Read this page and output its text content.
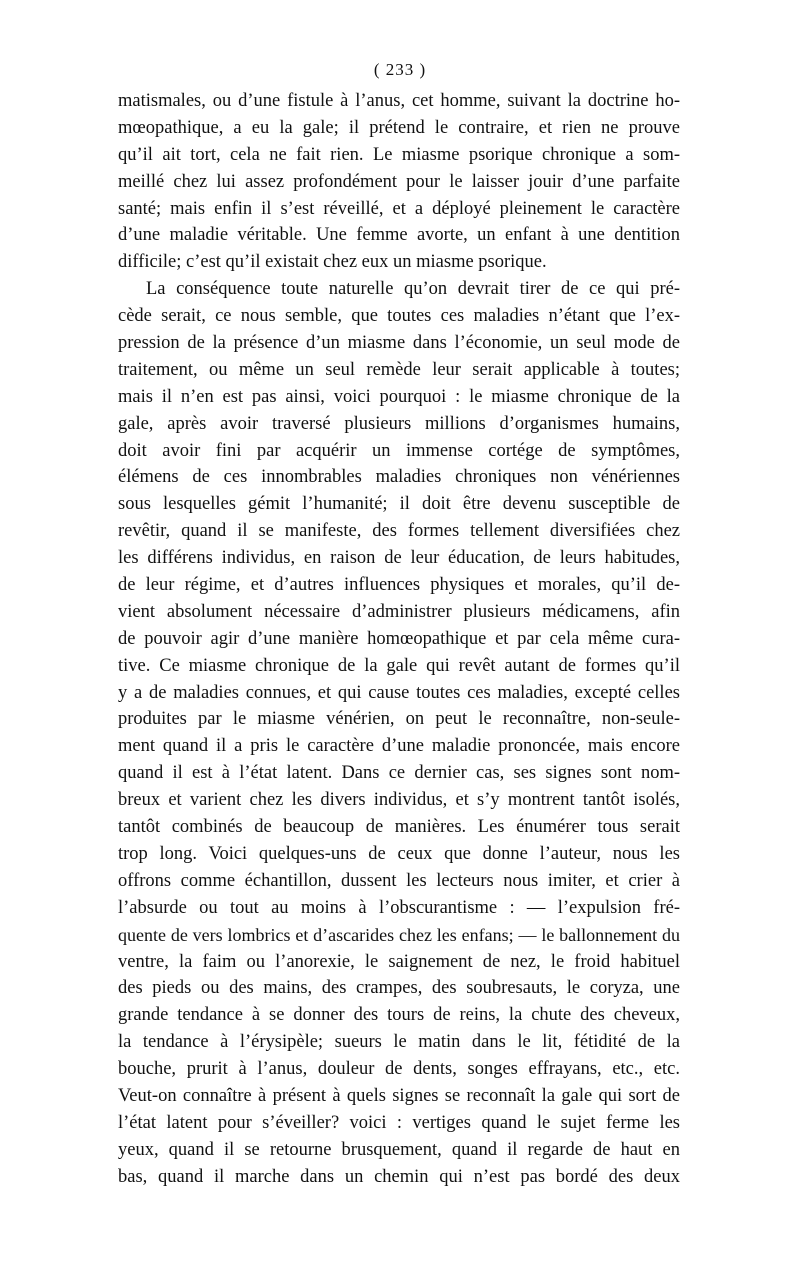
( 233 )
matismales, ou d’une fistule à l’anus, cet homme, suivant la doctrine ho-
mœopathique, a eu la gale; il prétend le contraire, et rien ne prouve
qu’il ait tort, cela ne fait rien. Le miasme psorique chronique a som-
meillé chez lui assez profondément pour le laisser jouir d’une parfaite
santé; mais enfin il s’est réveillé, et a déployé pleinement le caractère
d’une maladie véritable. Une femme avorte, un enfant à une dentition
difficile; c’est qu’il existait chez eux un miasme psorique.
La conséquence toute naturelle qu’on devrait tirer de ce qui pré-
cède serait, ce nous semble, que toutes ces maladies n’étant que l’ex-
pression de la présence d’un miasme dans l’économie, un seul mode de
traitement, ou même un seul remède leur serait applicable à toutes;
mais il n’en est pas ainsi, voici pourquoi : le miasme chronique de la
gale, après avoir traversé plusieurs millions d’organismes humains,
doit avoir fini par acquérir un immense cortége de symptômes,
élémens de ces innombrables maladies chroniques non vénériennes
sous lesquelles gémit l’humanité; il doit être devenu susceptible de
revêtir, quand il se manifeste, des formes tellement diversifiées chez
les différens individus, en raison de leur éducation, de leurs habitudes,
de leur régime, et d’autres influences physiques et morales, qu’il de-
vient absolument nécessaire d’administrer plusieurs médicamens, afin
de pouvoir agir d’une manière homœopathique et par cela même cura-
tive. Ce miasme chronique de la gale qui revêt autant de formes qu’il
y a de maladies connues, et qui cause toutes ces maladies, excepté celles
produites par le miasme vénérien, on peut le reconnaître, non-seule-
ment quand il a pris le caractère d’une maladie prononcée, mais encore
quand il est à l’état latent. Dans ce dernier cas, ses signes sont nom-
breux et varient chez les divers individus, et s’y montrent tantôt isolés,
tantôt combinés de beaucoup de manières. Les énumérer tous serait
trop long. Voici quelques-uns de ceux que donne l’auteur, nous les
offrons comme échantillon, dussent les lecteurs nous imiter, et crier à
l’absurde ou tout au moins à l’obscurantisme : — l’expulsion fré-
quente de vers lombrics et d’ascarides chez les enfans; — le ballonnement du
ventre, la faim ou l’anorexie, le saignement de nez, le froid habituel
des pieds ou des mains, des crampes, des soubresauts, le coryza, une
grande tendance à se donner des tours de reins, la chute des cheveux,
la tendance à l’érysipèle; sueurs le matin dans le lit, fétidité de la
bouche, prurit à l’anus, douleur de dents, songes effrayans, etc., etc.
Veut-on connaître à présent à quels signes se reconnaît la gale qui sort de
l’état latent pour s’éveiller? voici : vertiges quand le sujet ferme les
yeux, quand il se retourne brusquement, quand il regarde de haut en
bas, quand il marche dans un chemin qui n’est pas bordé des deux
